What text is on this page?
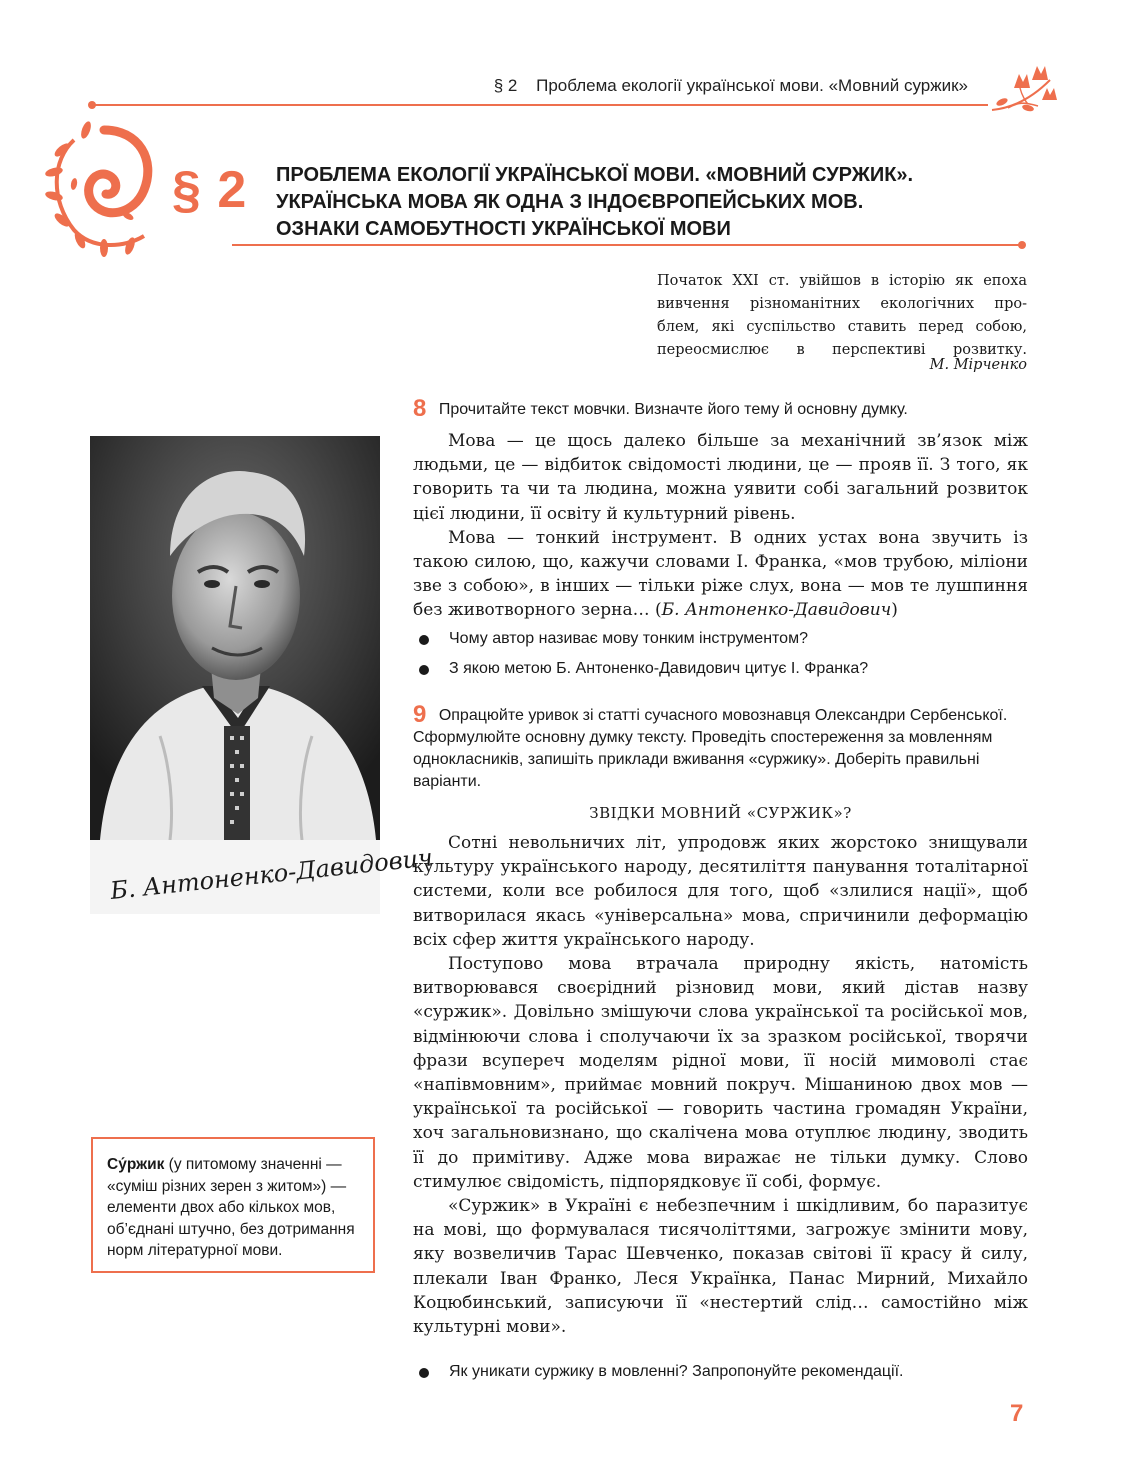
§ 2 Проблема екології української мови. «Мовний суржик»
§ 2 ПРОБЛЕМА ЕКОЛОГІЇ УКРАЇНСЬКОЇ МОВИ. «МОВНИЙ СУРЖИК».
УКРАЇНСЬКА МОВА ЯК ОДНА З ІНДОЄВРОПЕЙСЬКИХ МОВ.
ОЗНАКИ САМОБУТНОСТІ УКРАЇНСЬКОЇ МОВИ

Початок XXI ст. увійшов в історію як епоха

вивчення різноманітних екологічних про-

блем, які суспільство ставить перед собою,

переосмислює в перспективі розвитку.

М. Мірченко
Б. Антоненко-Давидович
8 Прочитайте текст мовчки. Визначте його тему й основну думку.

Мова — це щось далеко більше за механічний зв’язок між людьми, це — відбиток свідомості людини, це — прояв її. З того, як говорить та чи та людина, можна уявити собі загальний розвиток цієї людини, її освіту й культурний рівень.

Мова — тонкий інструмент. В одних устах вона звучить із такою силою, що, кажучи словами І. Франка, «мов трубою, міліони зве з собою», в інших — тільки ріже слух, вона — мов те лушпиння без животворного зерна… (Б. Антоненко-Давидович)

Чому автор називає мову тонким інструментом?
З якою метою Б. Антоненко-Давидович цитує І. Франка?
9 Опрацюйте уривок зі статті сучасного мовознавця Олександри Сербенської. Сформулюйте основну думку тексту. Проведіть спостереження за мовленням однокласників, запишіть приклади вживання «суржику». Доберіть правильні варіанти.
ЗВІДКИ МОВНИЙ «СУРЖИК»?

Сотні невольничих літ, упродовж яких жорстоко знищували культуру українського народу, десятиліття панування тоталітарної системи, коли все робилося для того, щоб «злилися нації», щоб витворилася якась «універсальна» мова, спричинили деформацію всіх сфер життя українського народу.

Поступово мова втрачала природну якість, натомість витворювався своєрідний різновид мови, який дістав назву «суржик». Довільно змішуючи слова української та російської мов, відмінюючи слова і сполучаючи їх за зразком російської, творячи фрази всупереч моделям рідної мови, її носій мимоволі стає «напівмовним», приймає мовний покруч. Мішаниною двох мов — української та російської — говорить частина громадян України, хоч загальновизнано, що скалічена мова отуплює людину, зводить її до примітиву. Адже мова виражає не тільки думку. Слово стимулює свідомість, підпорядковує її собі, формує.

«Суржик» в Україні є небезпечним і шкідливим, бо паразитує на мові, що формувалася тисячоліттями, загрожує змінити мову, яку возвеличив Тарас Шевченко, показав світові її красу й силу, плекали Іван Франко, Леся Українка, Панас Мирний, Михайло Коцюбинський, записуючи її «нестертий слід… самостійно між культурні мови».

Як уникати суржику в мовленні? Запропонуйте рекомендації.
Су́ржик (у питомому значенні — «суміш різних зерен з житом») — елементи двох або кількох мов, об’єднані штучно, без дотримання норм літературної мови.
7
